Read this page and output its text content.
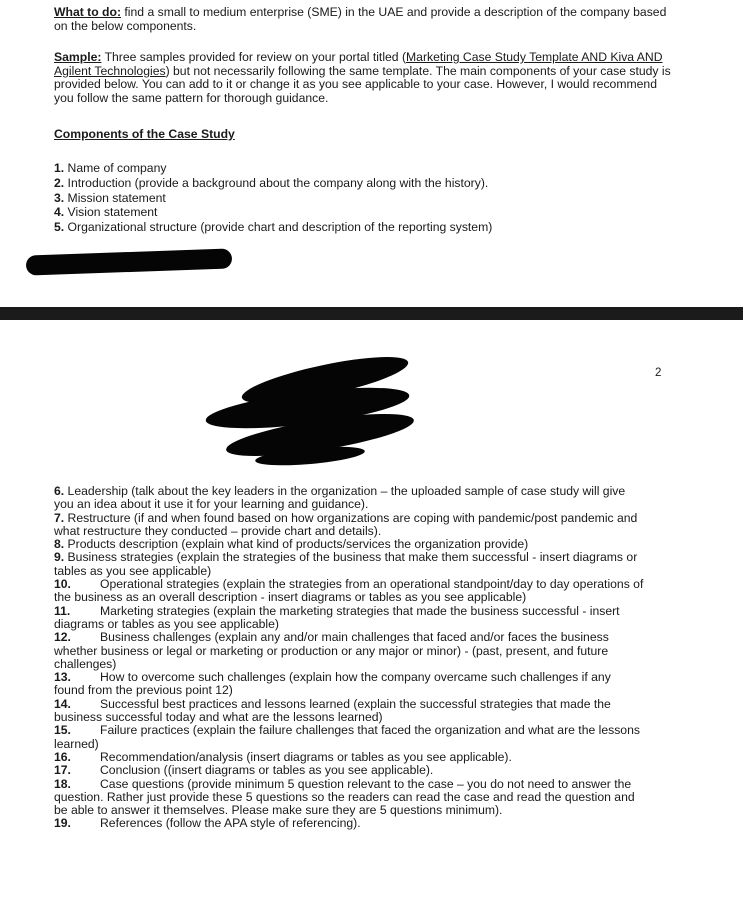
What to do: find a small to medium enterprise (SME) in the UAE and provide a description of the company based on the below components.

Sample: Three samples provided for review on your portal titled (Marketing Case Study Template AND Kiva AND Agilent Technologies) but not necessarily following the same template. The main components of your case study is provided below. You can add to it or change it as you see applicable to your case. However, I would recommend you follow the same pattern for thorough guidance.

Components of the Case Study

1. Name of company
2. Introduction (provide a background about the company along with the history).
3. Mission statement
4. Vision statement
5. Organizational structure (provide chart and description of the reporting system)
2

6. Leadership (talk about the key leaders in the organization – the uploaded sample of case study will give you an idea about it use it for your learning and guidance).

7. Restructure (if and when found based on how organizations are coping with pandemic/post pandemic and what restructure they conducted – provide chart and details).

8. Products description (explain what kind of products/services the organization provide)

9. Business strategies (explain the strategies of the business that make them successful - insert diagrams or tables as you see applicable)

10. Operational strategies (explain the strategies from an operational standpoint/day to day operations of the business as an overall description - insert diagrams or tables as you see applicable)

11. Marketing strategies (explain the marketing strategies that made the business successful - insert diagrams or tables as you see applicable)

12. Business challenges (explain any and/or main challenges that faced and/or faces the business whether business or legal or marketing or production or any major or minor) - (past, present, and future challenges)

13. How to overcome such challenges (explain how the company overcame such challenges if any found from the previous point 12)

14. Successful best practices and lessons learned (explain the successful strategies that made the business successful today and what are the lessons learned)

15. Failure practices (explain the failure challenges that faced the organization and what are the lessons learned)

16. Recommendation/analysis (insert diagrams or tables as you see applicable).

17. Conclusion ((insert diagrams or tables as you see applicable).

18. Case questions (provide minimum 5 question relevant to the case – you do not need to answer the question. Rather just provide these 5 questions so the readers can read the case and read the question and be able to answer it themselves. Please make sure they are 5 questions minimum).

19. References (follow the APA style of referencing).
